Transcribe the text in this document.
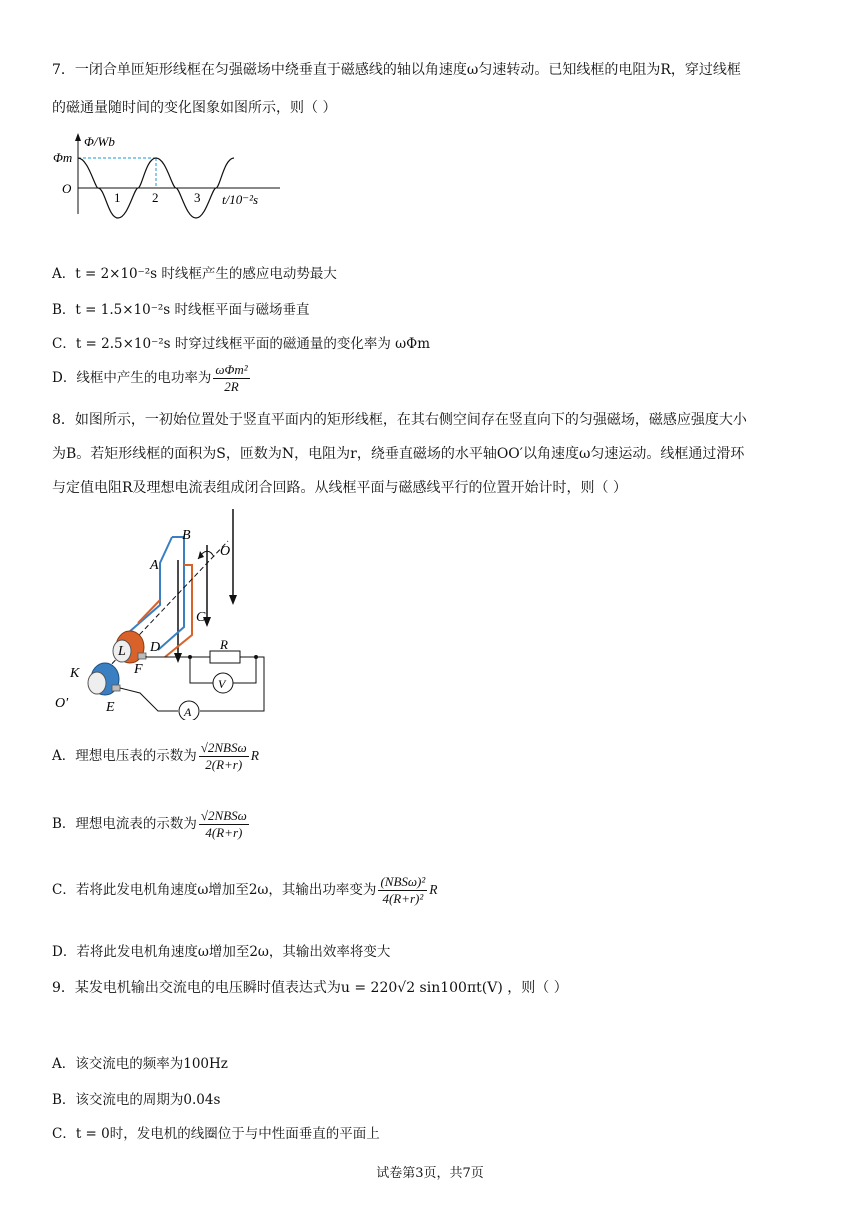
7．一闭合单匝矩形线框在匀强磁场中绕垂直于磁感线的轴以角速度ω匀速转动。已知线框的电阻为R，穿过线框
的磁通量随时间的变化图象如图所示，则（ ）
Φ/Wb
Φm
O
1 2	3 t/10⁻²s
A．t = 2×10⁻²s 时线框产生的感应电动势最大
B．t = 1.5×10⁻²s 时线框平面与磁场垂直
C．t = 2.5×10⁻²s 时穿过线框平面的磁通量的变化率为 ωΦm
D．线框中产生的电功率为 $\frac{\text{ωΦm²}}{2R}$
8．如图所示，一初始位置处于竖直平面内的矩形线框，在其右侧空间存在竖直向下的匀强磁场，磁感应强度大小
为B。若矩形线框的面积为S，匝数为N，电阻为r，绕垂直磁场的水平轴OO′以角速度ω匀速运动。线框通过滑环
与定值电阻R及理想电流表组成闭合回路。从线框平面与磁感线平行的位置开始计时，则（ ）
B
A
O
C
D
L
F
K
E
O′
R
V
A
A．理想电压表的示数为 $\frac{\text{√2NBSω}}{2(R+r)}$ R
B．理想电流表的示数为 $\frac{\text{√2NBSω}}{4(R+r)}$
C．若将此发电机角速度ω增加至2ω，其输出功率变为 $\frac{\text{(NBSω)²}}{\text{4(R+r)²}}$ R
D．若将此发电机角速度ω增加至2ω，其输出效率将变大
9．某发电机输出交流电的电压瞬时值表达式为u = 220√2 sin100πt(V) ，则（ ）
A．该交流电的频率为100Hz
B．该交流电的周期为0.04s
C．t = 0时，发电机的线圈位于与中性面垂直的平面上
试卷第3页，共7页
